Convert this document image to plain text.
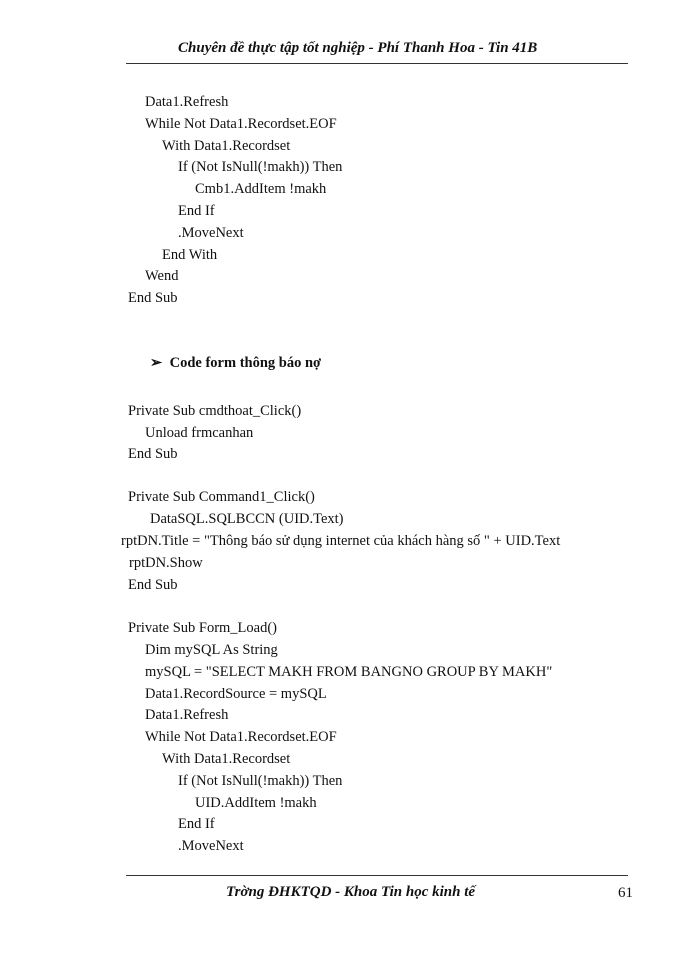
Chuyên đề thực tập tốt nghiệp - Phí Thanh Hoa - Tin 41B
Data1.Refresh
While Not Data1.Recordset.EOF
With Data1.Recordset
If (Not IsNull(!makh)) Then
Cmb1.AddItem !makh
End If
.MoveNext
End With
Wend
End Sub
➢ Code form thông báo nợ
Private Sub cmdthoat_Click()
Unload frmcanhan
End Sub
Private Sub Command1_Click()
DataSQL.SQLBCCN (UID.Text)
rptDN.Title = "Thông báo sử dụng internet của khách hàng số " + UID.Text
rptDN.Show
End Sub
Private Sub Form_Load()
Dim mySQL As String
mySQL = "SELECT MAKH FROM BANGNO GROUP BY MAKH"
Data1.RecordSource = mySQL
Data1.Refresh
While Not Data1.Recordset.EOF
With Data1.Recordset
If (Not IsNull(!makh)) Then
UID.AddItem !makh
End If
.MoveNext
Trờng ĐHKTQD - Khoa Tin học kinh tế	61
